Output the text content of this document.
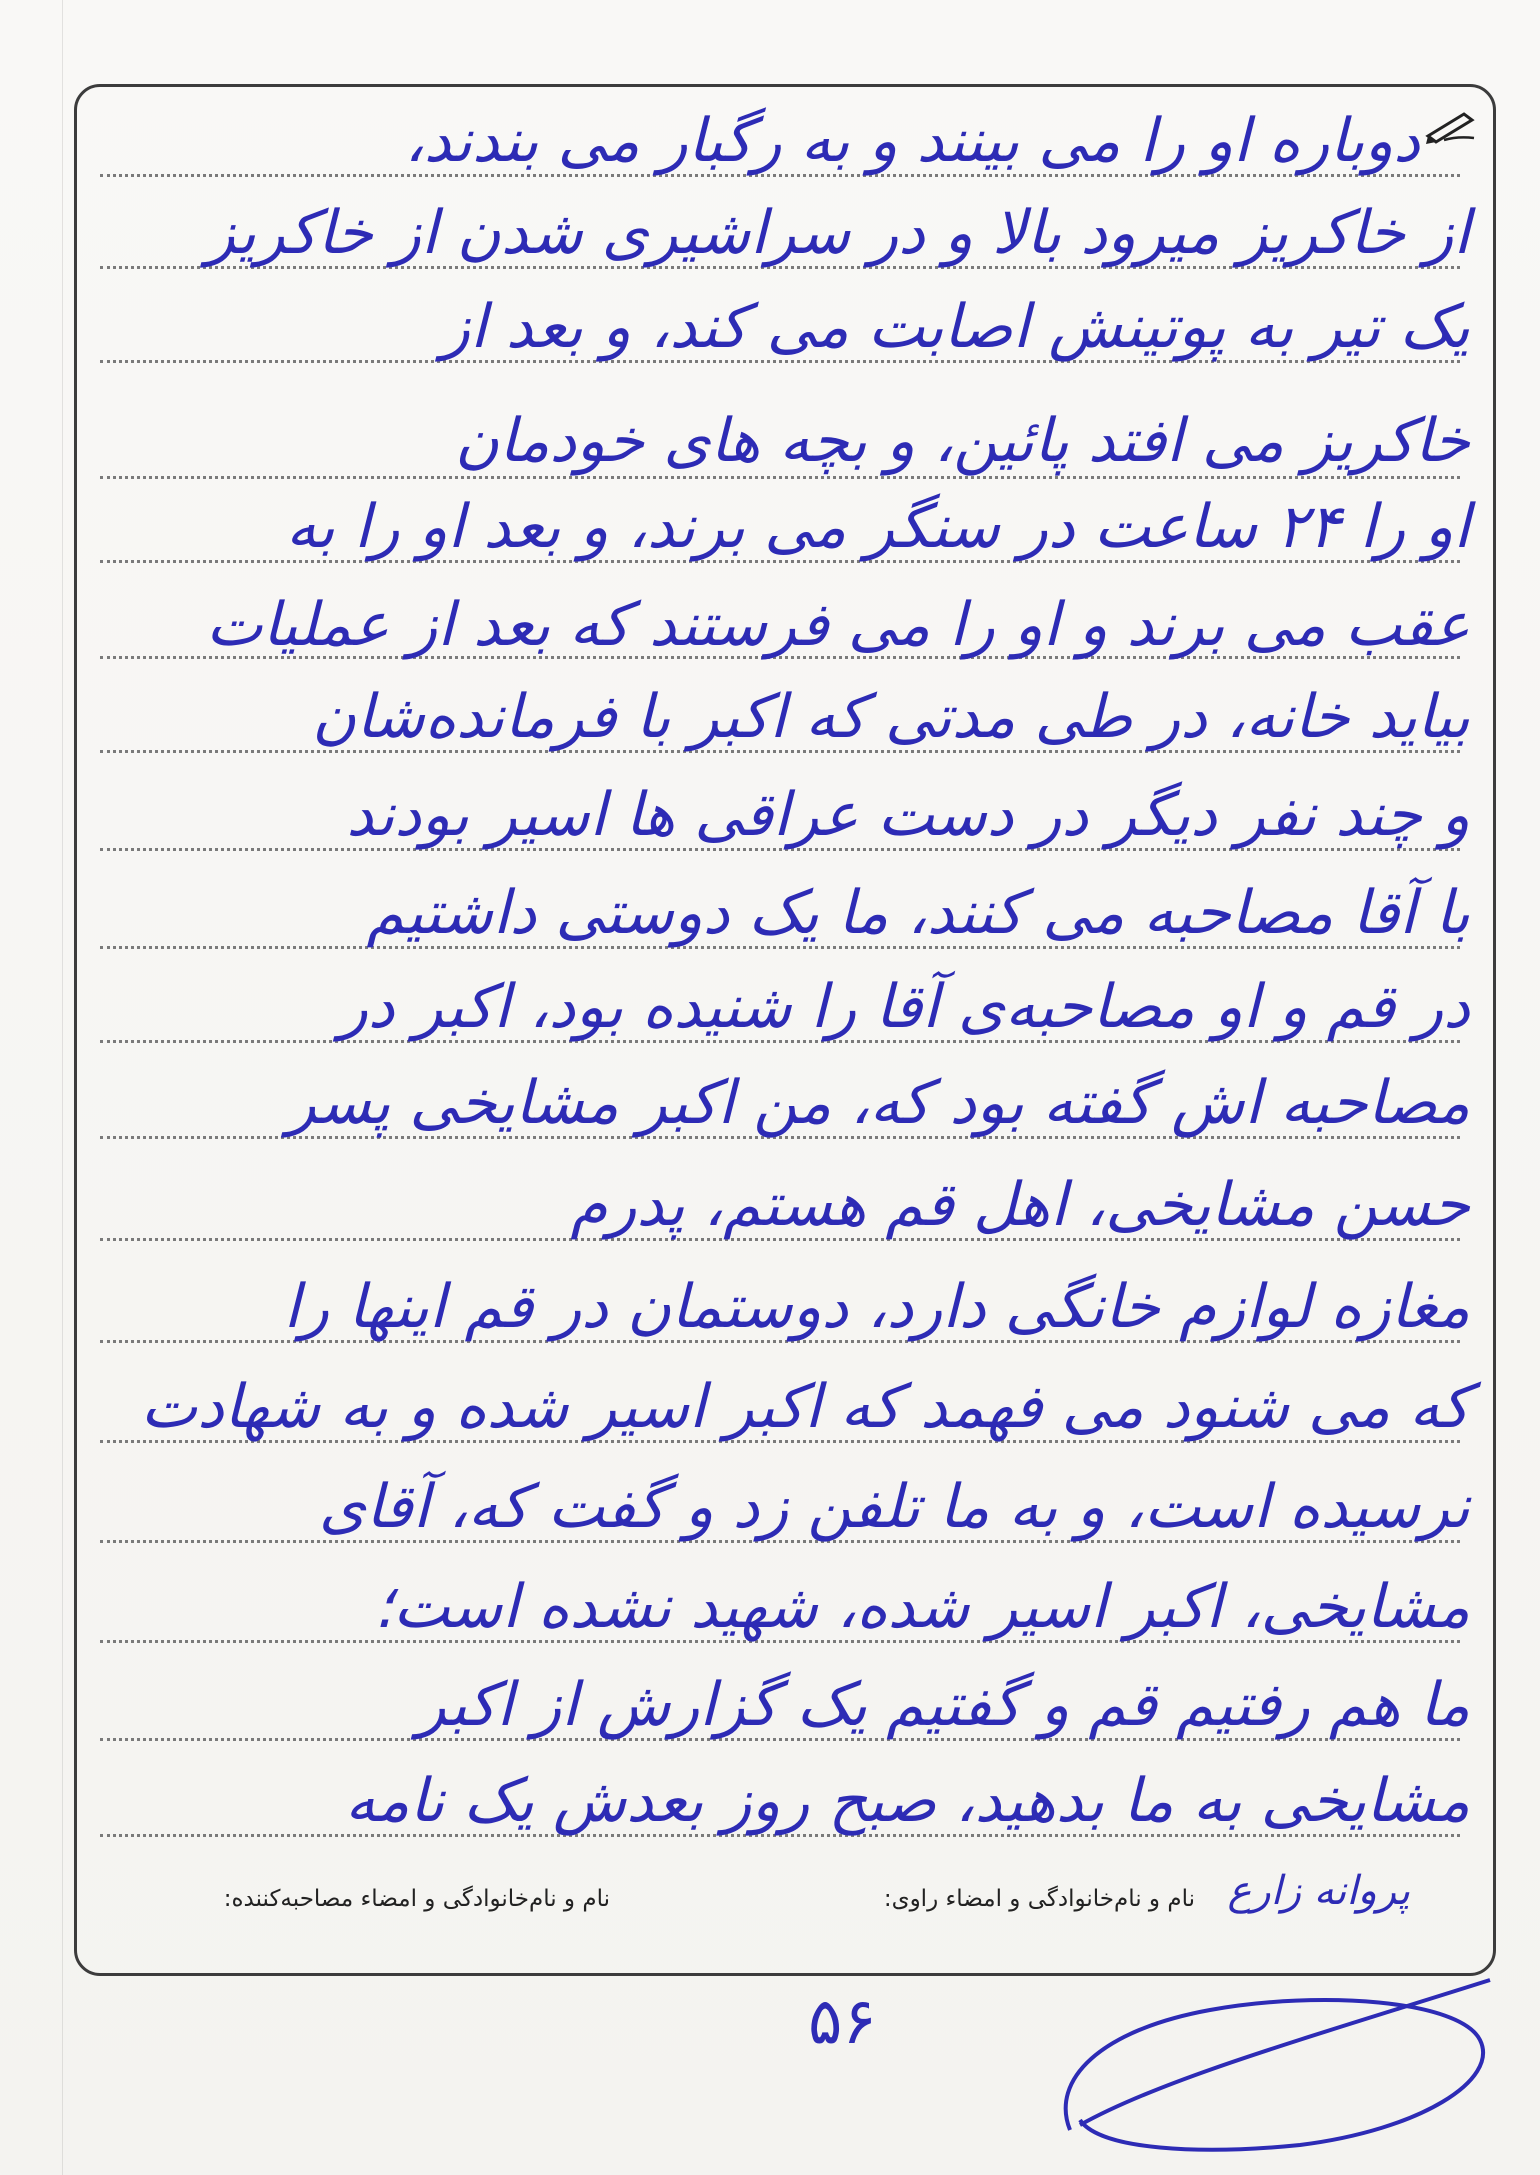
دوباره او را می بینند و به رگبار می بندند،
از خاکریز میرود بالا و در سراشیری شدن از خاکریز
یک تیر به پوتینش اصابت می کند، و بعد از
خاکریز می افتد پائین، و بچه های خودمان
او را ۲۴ ساعت در سنگر می برند، و بعد او را به
عقب می برند و او را می فرستند که بعد از عملیات
بیاید خانه، در طی مدتی که اکبر با فرمانده‌شان
و چند نفر دیگر در دست عراقی ها اسیر بودند
با آقا مصاحبه می کنند، ما یک دوستی داشتیم
در قم و او مصاحبه‌ی آقا را شنیده بود، اکبر در
مصاحبه اش گفته بود که، من اکبر مشایخی پسر
حسن مشایخی، اهل قم هستم، پدرم
مغازه لوازم خانگی دارد، دوستمان در قم اینها را
که می شنود می فهمد که اکبر اسیر شده و به شهادت
نرسیده است، و به ما تلفن زد و گفت که، آقای
مشایخی، اکبر اسیر شده، شهید نشده است؛
ما هم رفتیم قم و گفتیم یک گزارش از اکبر
مشایخی به ما بدهید، صبح روز بعدش یک نامه
نام و نام‌خانوادگی و امضاء مصاحبه‌کننده:	پروانه زارع
نام و نام‌خانوادگی و امضاء راوی:
۵۶
